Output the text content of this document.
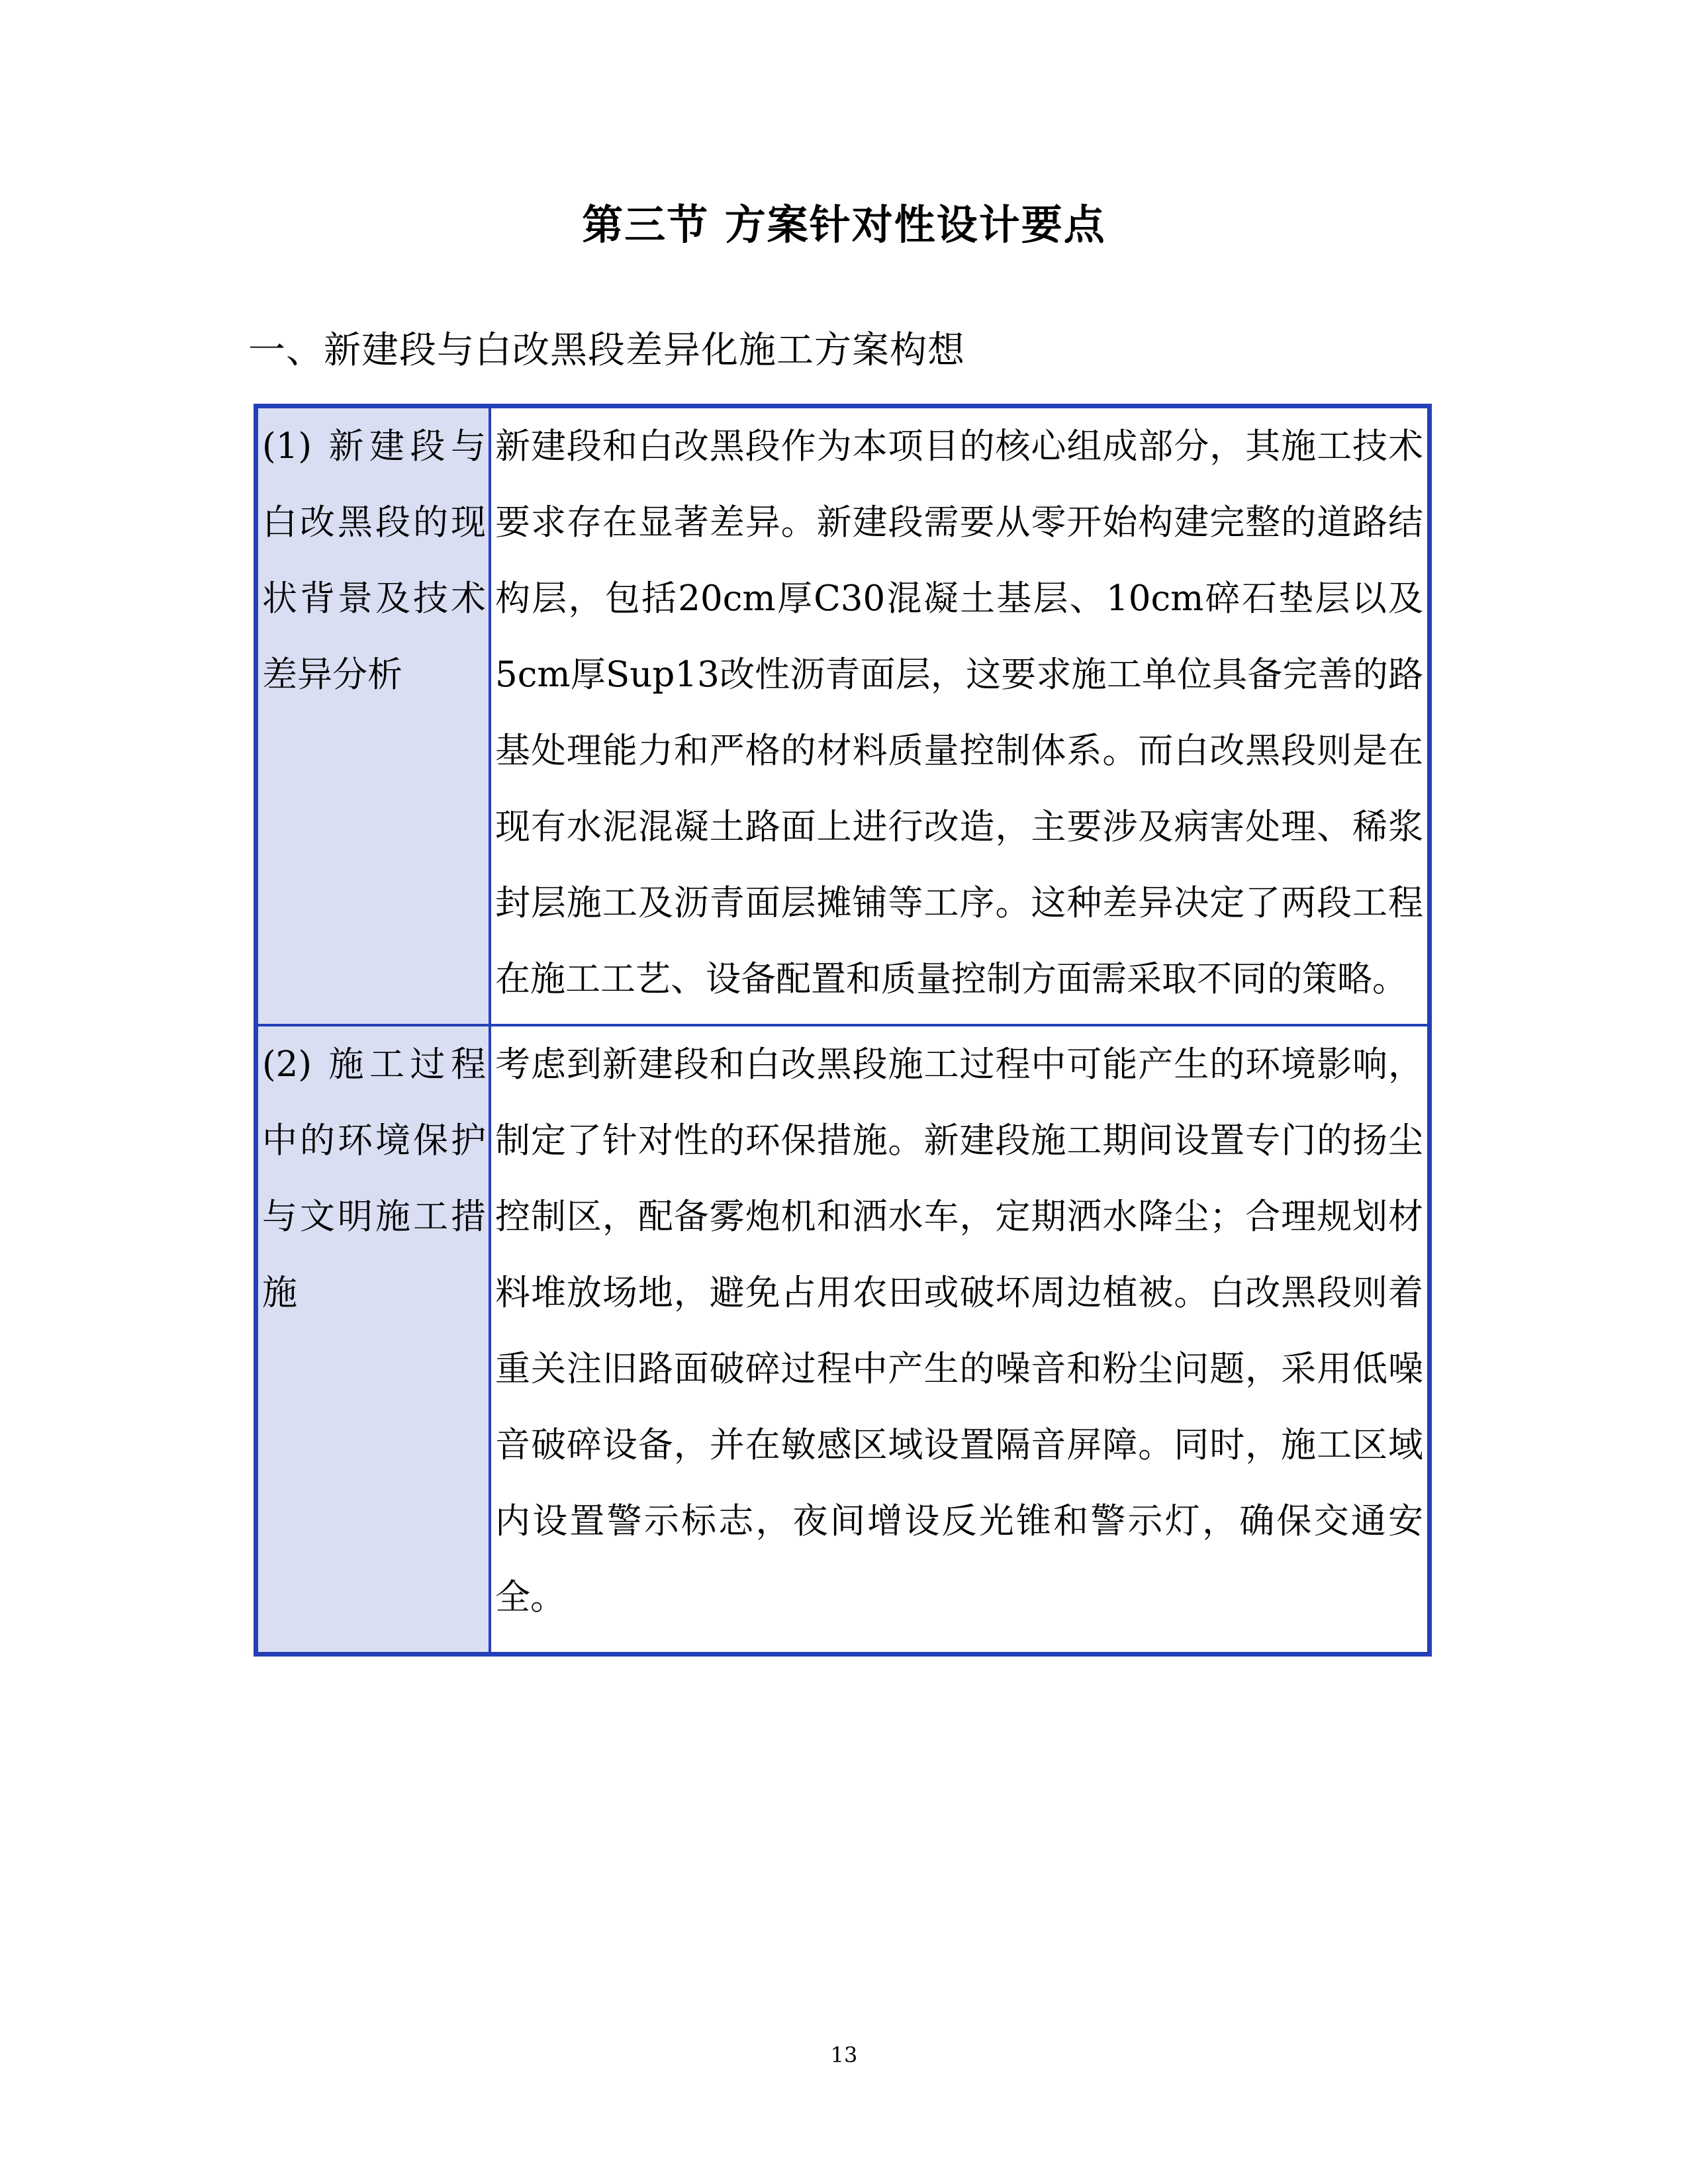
第三节 方案针对性设计要点
一、新建段与白改黑段差异化施工方案构想
(1) 新建段与白改黑段的现状背景及技术差异分析	新建段和白改黑段作为本项目的核心组成部分，其施工技术要求存在显著差异。新建段需要从零开始构建完整的道路结构层，包括20cm厚C30混凝土基层、10cm碎石垫层以及5cm厚Sup13改性沥青面层，这要求施工单位具备完善的路基处理能力和严格的材料质量控制体系。而白改黑段则是在现有水泥混凝土路面上进行改造，主要涉及病害处理、稀浆封层施工及沥青面层摊铺等工序。这种差异决定了两段工程在施工工艺、设备配置和质量控制方面需采取不同的策略。

(2) 施工过程中的环境保护与文明施工措施	考虑到新建段和白改黑段施工过程中可能产生的环境影响，制定了针对性的环保措施。新建段施工期间设置专门的扬尘控制区，配备雾炮机和洒水车，定期洒水降尘；合理规划材料堆放场地，避免占用农田或破坏周边植被。白改黑段则着重关注旧路面破碎过程中产生的噪音和粉尘问题，采用低噪音破碎设备，并在敏感区域设置隔音屏障。同时，施工区域内设置警示标志，夜间增设反光锥和警示灯，确保交通安全。
13
